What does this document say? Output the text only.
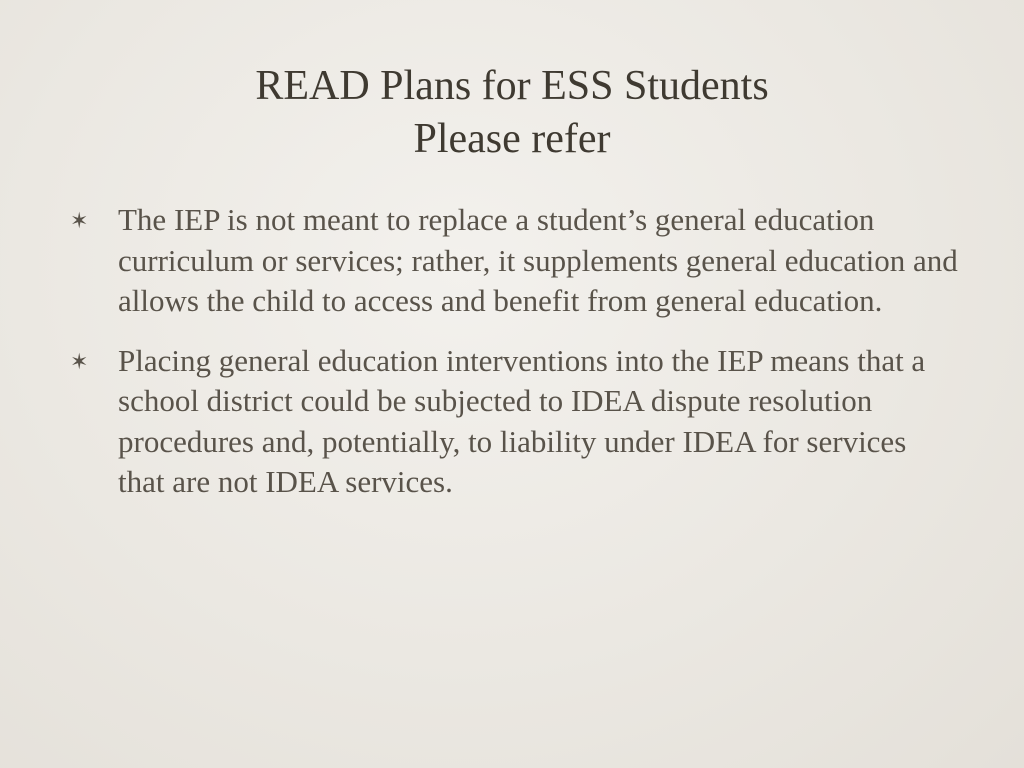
READ Plans for ESS Students
Please refer
✶ The IEP is not meant to replace a student’s general education curriculum or services; rather, it supplements general education and allows the child to access and benefit from general education.
✶ Placing general education interventions into the IEP means that a school district could be subjected to IDEA dispute resolution procedures and, potentially, to liability under IDEA for services that are not IDEA services.
